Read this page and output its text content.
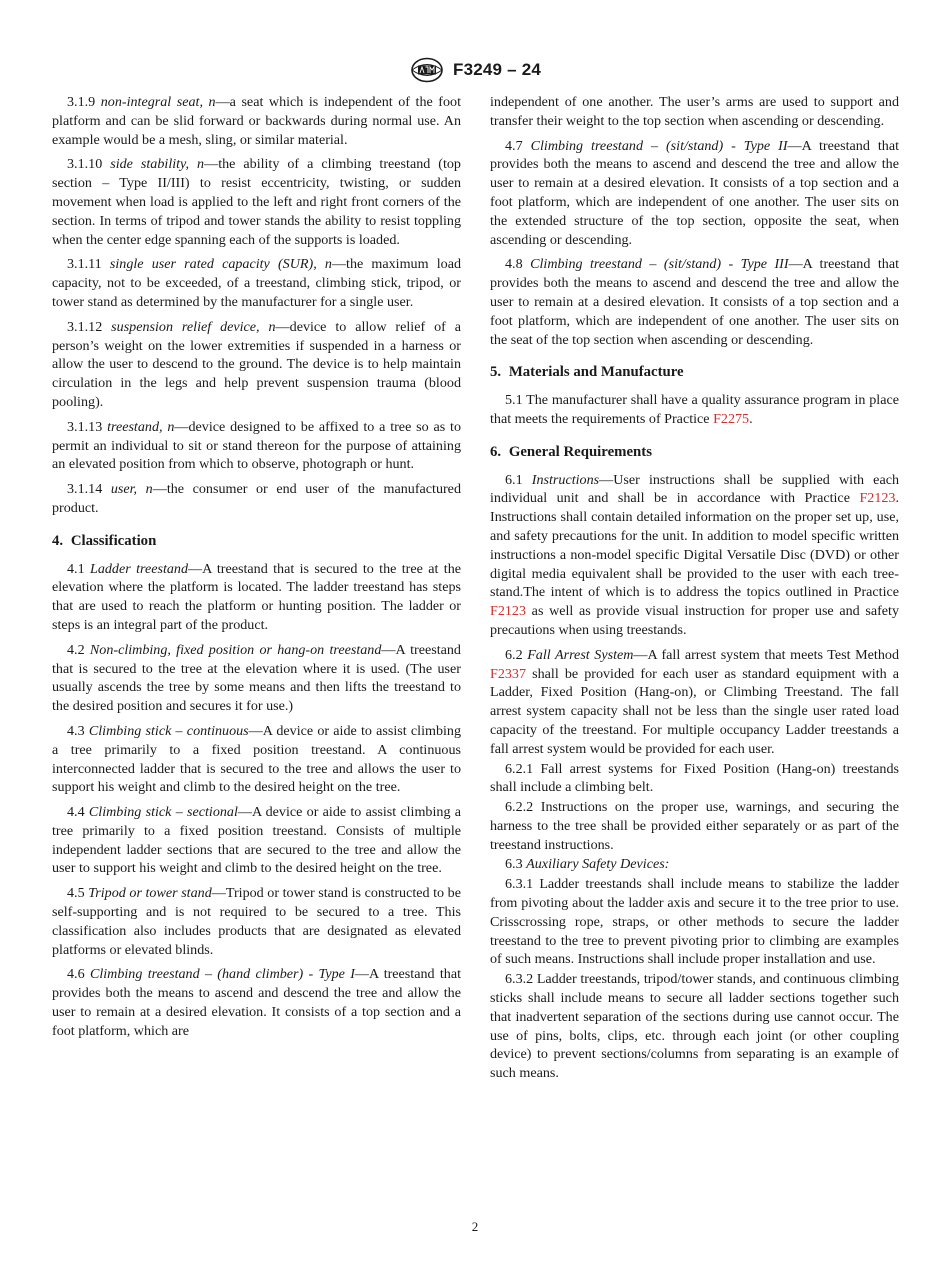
F3249 – 24

3.1.9 non-integral seat, n—a seat which is independent of the foot platform and can be slid forward or backwards during normal use. An example would be a mesh, sling, or similar material.

3.1.10 side stability, n—the ability of a climbing treestand (top section – Type II/III) to resist eccentricity, twisting, or sudden movement when load is applied to the left and right front corners of the section. In terms of tripod and tower stands the ability to resist toppling when the center edge spanning each of the supports is loaded.

3.1.11 single user rated capacity (SUR), n—the maximum load capacity, not to be exceeded, of a treestand, climbing stick, tripod, or tower stand as determined by the manufacturer for a single user.

3.1.12 suspension relief device, n—device to allow relief of a person’s weight on the lower extremities if suspended in a harness or allow the user to descend to the ground. The device is to help maintain circulation in the legs and help prevent suspension trauma (blood pooling).

3.1.13 treestand, n—device designed to be affixed to a tree so as to permit an individual to sit or stand thereon for the purpose of attaining an elevated position from which to observe, photograph or hunt.

3.1.14 user, n—the consumer or end user of the manufactured product.

4. Classification

4.1 Ladder treestand—A treestand that is secured to the tree at the elevation where the platform is located. The ladder treestand has steps that are used to reach the platform or hunting position. The ladder or steps is an integral part of the product.

4.2 Non-climbing, fixed position or hang-on treestand—A treestand that is secured to the tree at the elevation where it is used. (The user usually ascends the tree by some means and then lifts the treestand to the desired position and secures it for use.)

4.3 Climbing stick – continuous—A device or aide to assist climbing a tree primarily to a fixed position treestand. A continuous interconnected ladder that is secured to the tree and allows the user to support his weight and climb to the desired height on the tree.

4.4 Climbing stick – sectional—A device or aide to assist climbing a tree primarily to a fixed position treestand. Consists of multiple independent ladder sections that are secured to the tree and allow the user to support his weight and climb to the desired height on the tree.

4.5 Tripod or tower stand—Tripod or tower stand is constructed to be self-supporting and is not required to be secured to a tree. This classification also includes products that are designated as elevated platforms or elevated blinds.

4.6 Climbing treestand – (hand climber) - Type I—A treestand that provides both the means to ascend and descend the tree and allow the user to remain at a desired elevation. It consists of a top section and a foot platform, which are

independent of one another. The user’s arms are used to support and transfer their weight to the top section when ascending or descending.

4.7 Climbing treestand – (sit/stand) - Type II—A treestand that provides both the means to ascend and descend the tree and allow the user to remain at a desired elevation. It consists of a top section and a foot platform, which are independent of one another. The user sits on the extended structure of the top section, opposite the seat, when ascending or descending.

4.8 Climbing treestand – (sit/stand) - Type III—A treestand that provides both the means to ascend and descend the tree and allow the user to remain at a desired elevation. It consists of a top section and a foot platform, which are independent of one another. The user sits on the seat of the top section when ascending or descending.

5. Materials and Manufacture

5.1 The manufacturer shall have a quality assurance program in place that meets the requirements of Practice F2275.

6. General Requirements

6.1 Instructions—User instructions shall be supplied with each individual unit and shall be in accordance with Practice F2123. Instructions shall contain detailed information on the proper set up, use, and safety precautions for the unit. In addition to model specific written instructions a non-model specific Digital Versatile Disc (DVD) or other digital media equivalent shall be provided to the user with each treestand.The intent of which is to address the topics outlined in Practice F2123 as well as provide visual instruction for proper use and safety precautions when using treestands.

6.2 Fall Arrest System—A fall arrest system that meets Test Method F2337 shall be provided for each user as standard equipment with a Ladder, Fixed Position (Hang-on), or Climbing Treestand. The fall arrest system capacity shall not be less than the single user rated load capacity of the treestand. For multiple occupancy Ladder treestands a fall arrest system would be provided for each user.

6.2.1 Fall arrest systems for Fixed Position (Hang-on) treestands shall include a climbing belt.

6.2.2 Instructions on the proper use, warnings, and securing the harness to the tree shall be provided either separately or as part of the treestand instructions.

6.3 Auxiliary Safety Devices:

6.3.1 Ladder treestands shall include means to stabilize the ladder from pivoting about the ladder axis and secure it to the tree prior to use. Crisscrossing rope, straps, or other methods to secure the ladder treestand to the tree to prevent pivoting prior to climbing are examples of such means. Instructions shall include proper installation and use.

6.3.2 Ladder treestands, tripod/tower stands, and continuous climbing sticks shall include means to secure all ladder sections together such that inadvertent separation of the sections during use cannot occur. The use of pins, bolts, clips, etc. through each joint (or other coupling device) to prevent sections/columns from separating is an example of such means.

2
